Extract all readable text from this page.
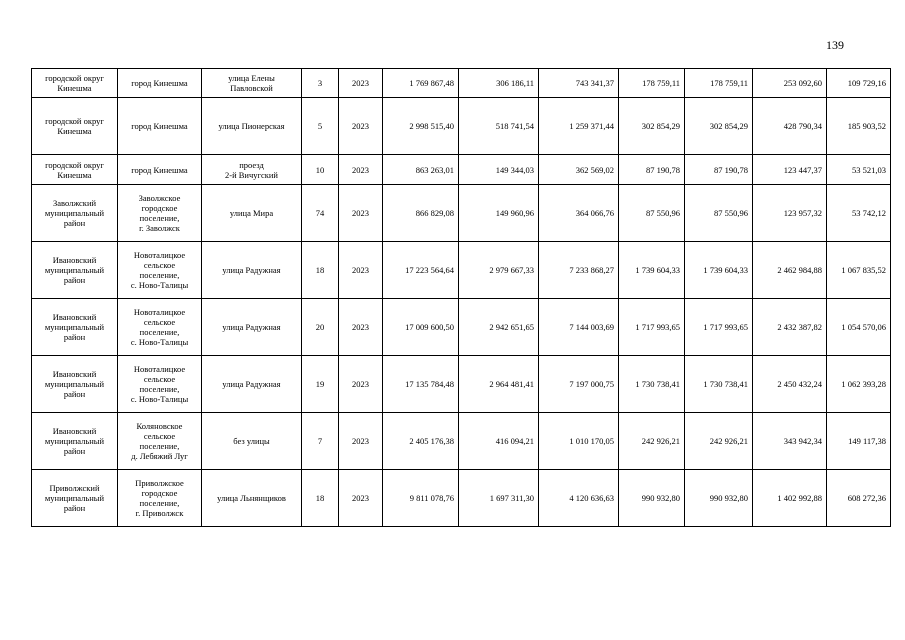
139
городской округ
Кинешма	город Кинешма	улица Елены
Павловской	3	2023	1 769 867,48	306 186,11	743 341,37	178 759,11	178 759,11	253 092,60	109 729,16
городской округ
Кинешма	город Кинешма	улица Пионерская	5	2023	2 998 515,40	518 741,54	1 259 371,44	302 854,29	302 854,29	428 790,34	185 903,52
городской округ
Кинешма	город Кинешма	проезд
2-й Вичугский	10	2023	863 263,01	149 344,03	362 569,02	87 190,78	87 190,78	123 447,37	53 521,03
Заволжский
муниципальный
район	Заволжское
городское
поселение,
г. Заволжск	улица Мира	74	2023	866 829,08	149 960,96	364 066,76	87 550,96	87 550,96	123 957,32	53 742,12
Ивановский
муниципальный
район	Новоталицкое
сельское
поселение,
с. Ново-Талицы	улица Радужная	18	2023	17 223 564,64	2 979 667,33	7 233 868,27	1 739 604,33	1 739 604,33	2 462 984,88	1 067 835,52
Ивановский
муниципальный
район	Новоталицкое
сельское
поселение,
с. Ново-Талицы	улица Радужная	20	2023	17 009 600,50	2 942 651,65	7 144 003,69	1 717 993,65	1 717 993,65	2 432 387,82	1 054 570,06
Ивановский
муниципальный
район	Новоталицкое
сельское
поселение,
с. Ново-Талицы	улица Радужная	19	2023	17 135 784,48	2 964 481,41	7 197 000,75	1 730 738,41	1 730 738,41	2 450 432,24	1 062 393,28
Ивановский
муниципальный
район	Коляновское
сельское
поселение,
д. Лебяжий Луг	без улицы	7	2023	2 405 176,38	416 094,21	1 010 170,05	242 926,21	242 926,21	343 942,34	149 117,38
Приволжский
муниципальный
район	Приволжское
городское
поселение,
г. Приволжск	улица Льнянщиков	18	2023	9 811 078,76	1 697 311,30	4 120 636,63	990 932,80	990 932,80	1 402 992,88	608 272,36
